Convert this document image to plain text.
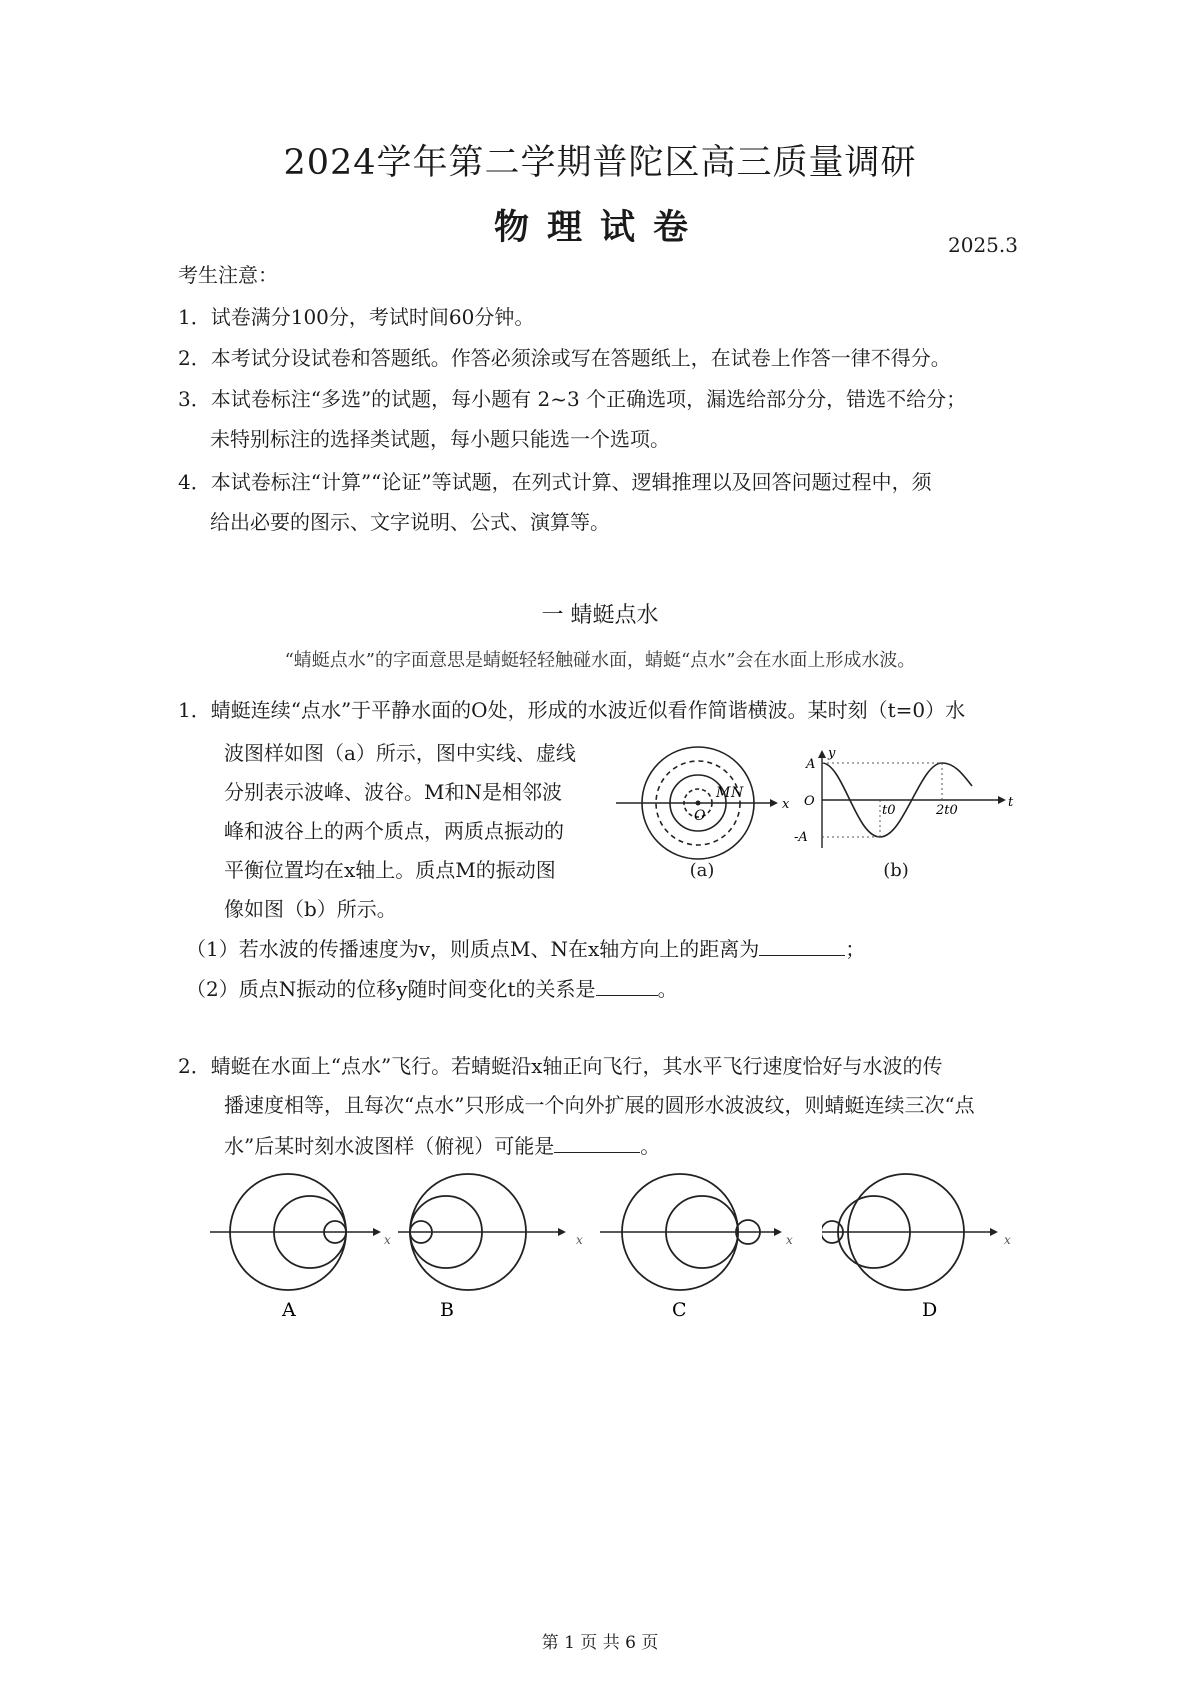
2024学年第二学期普陀区高三质量调研
物理试卷	2025.3
考生注意：
1．试卷满分100分，考试时间60分钟。
2．本考试分设试卷和答题纸。作答必须涂或写在答题纸上，在试卷上作答一律不得分。
3．本试卷标注“多选”的试题，每小题有 2~3 个正确选项，漏选给部分分，错选不给分；
未特别标注的选择类试题，每小题只能选一个选项。
4．本试卷标注“计算”“论证”等试题，在列式计算、逻辑推理以及回答问题过程中，须
给出必要的图示、文字说明、公式、演算等。
一 蜻蜓点水
“蜻蜓点水”的字面意思是蜻蜓轻轻触碰水面，蜻蜓“点水”会在水面上形成水波。
1．蜻蜓连续“点水”于平静水面的O处，形成的水波近似看作简谐横波。某时刻（t=0）水
波图样如图（a）所示，图中实线、虚线
分别表示波峰、波谷。M和N是相邻波
峰和波谷上的两个质点，两质点振动的
平衡位置均在x轴上。质点M的振动图
像如图（b）所示。
x
O
M N
(a)
y
A
O
-A
t0	2t0
t
(b)
（1）若水波的传播速度为v，则质点M、N在x轴方向上的距离为	；
（2）质点N振动的位移y随时间变化t的关系是	。
2．蜻蜓在水面上“点水”飞行。若蜻蜓沿x轴正向飞行，其水平飞行速度恰好与水波的传
播速度相等，且每次“点水”只形成一个向外扩展的圆形水波波纹，则蜻蜓连续三次“点
水”后某时刻水波图样（俯视）可能是	。
x
A
x
B
x
C
x
D
第 1 页 共 6 页
